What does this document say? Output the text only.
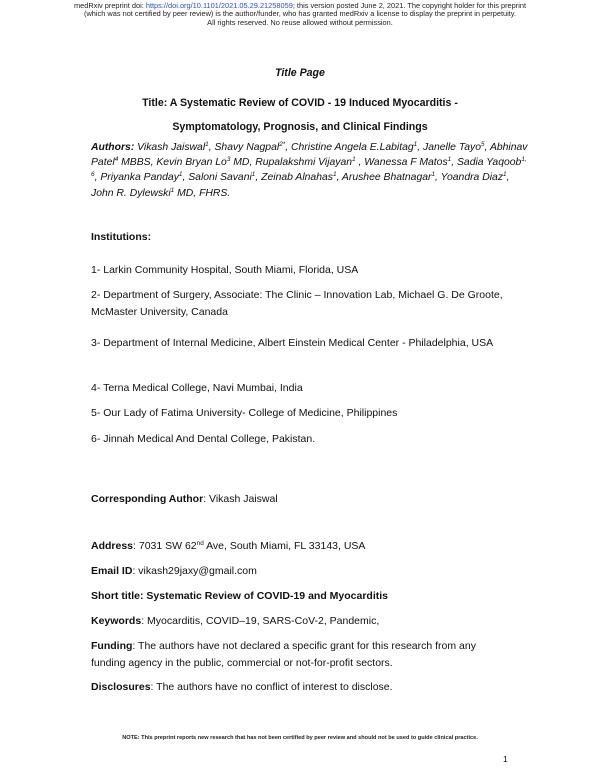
medRxiv preprint doi: https://doi.org/10.1101/2021.05.29.21258059; this version posted June 2, 2021. The copyright holder for this preprint
(which was not certified by peer review) is the author/funder, who has granted medRxiv a license to display the preprint in perpetuity.
All rights reserved. No reuse allowed without permission.
Title Page
Title: A Systematic Review of COVID - 19 Induced Myocarditis -
Symptomatology, Prognosis, and Clinical Findings
Authors: Vikash Jaiswal$^1$, Shavy Nagpal$^{2*}$, Christine Angela E.Labitag$^1$, Janelle Tayo$^5$, Abhinav Patel$^4$ MBBS, Kevin Bryan Lo$^3$ MD, Rupalakshmi Vijayan$^1$ , Wanessa F Matos$^1$, Sadia Yaqoob$^{1, 6}$, Priyanka Panday$^1$, Saloni Savani$^1$, Zeinab Alnahas$^1$, Arushee Bhatnagar$^1$, Yoandra Diaz$^1$, John R. Dylewski$^1$ MD, FHRS.
Institutions:
1- Larkin Community Hospital, South Miami, Florida, USA
2- Department of Surgery, Associate: The Clinic – Innovation Lab, Michael G. De Groote, McMaster University, Canada
3- Department of Internal Medicine, Albert Einstein Medical Center - Philadelphia, USA
4- Terna Medical College, Navi Mumbai, India
5- Our Lady of Fatima University- College of Medicine, Philippines
6- Jinnah Medical And Dental College, Pakistan.
Corresponding Author: Vikash Jaiswal
Address: 7031 SW 62nd Ave, South Miami, FL 33143, USA
Email ID: vikash29jaxy@gmail.com
Short title: Systematic Review of COVID-19 and Myocarditis
Keywords: Myocarditis, COVID–19, SARS-CoV-2, Pandemic,
Funding: The authors have not declared a specific grant for this research from any funding agency in the public, commercial or not-for-profit sectors.
Disclosures: The authors have no conflict of interest to disclose.
NOTE: This preprint reports new research that has not been certified by peer review and should not be used to guide clinical practice.
1
